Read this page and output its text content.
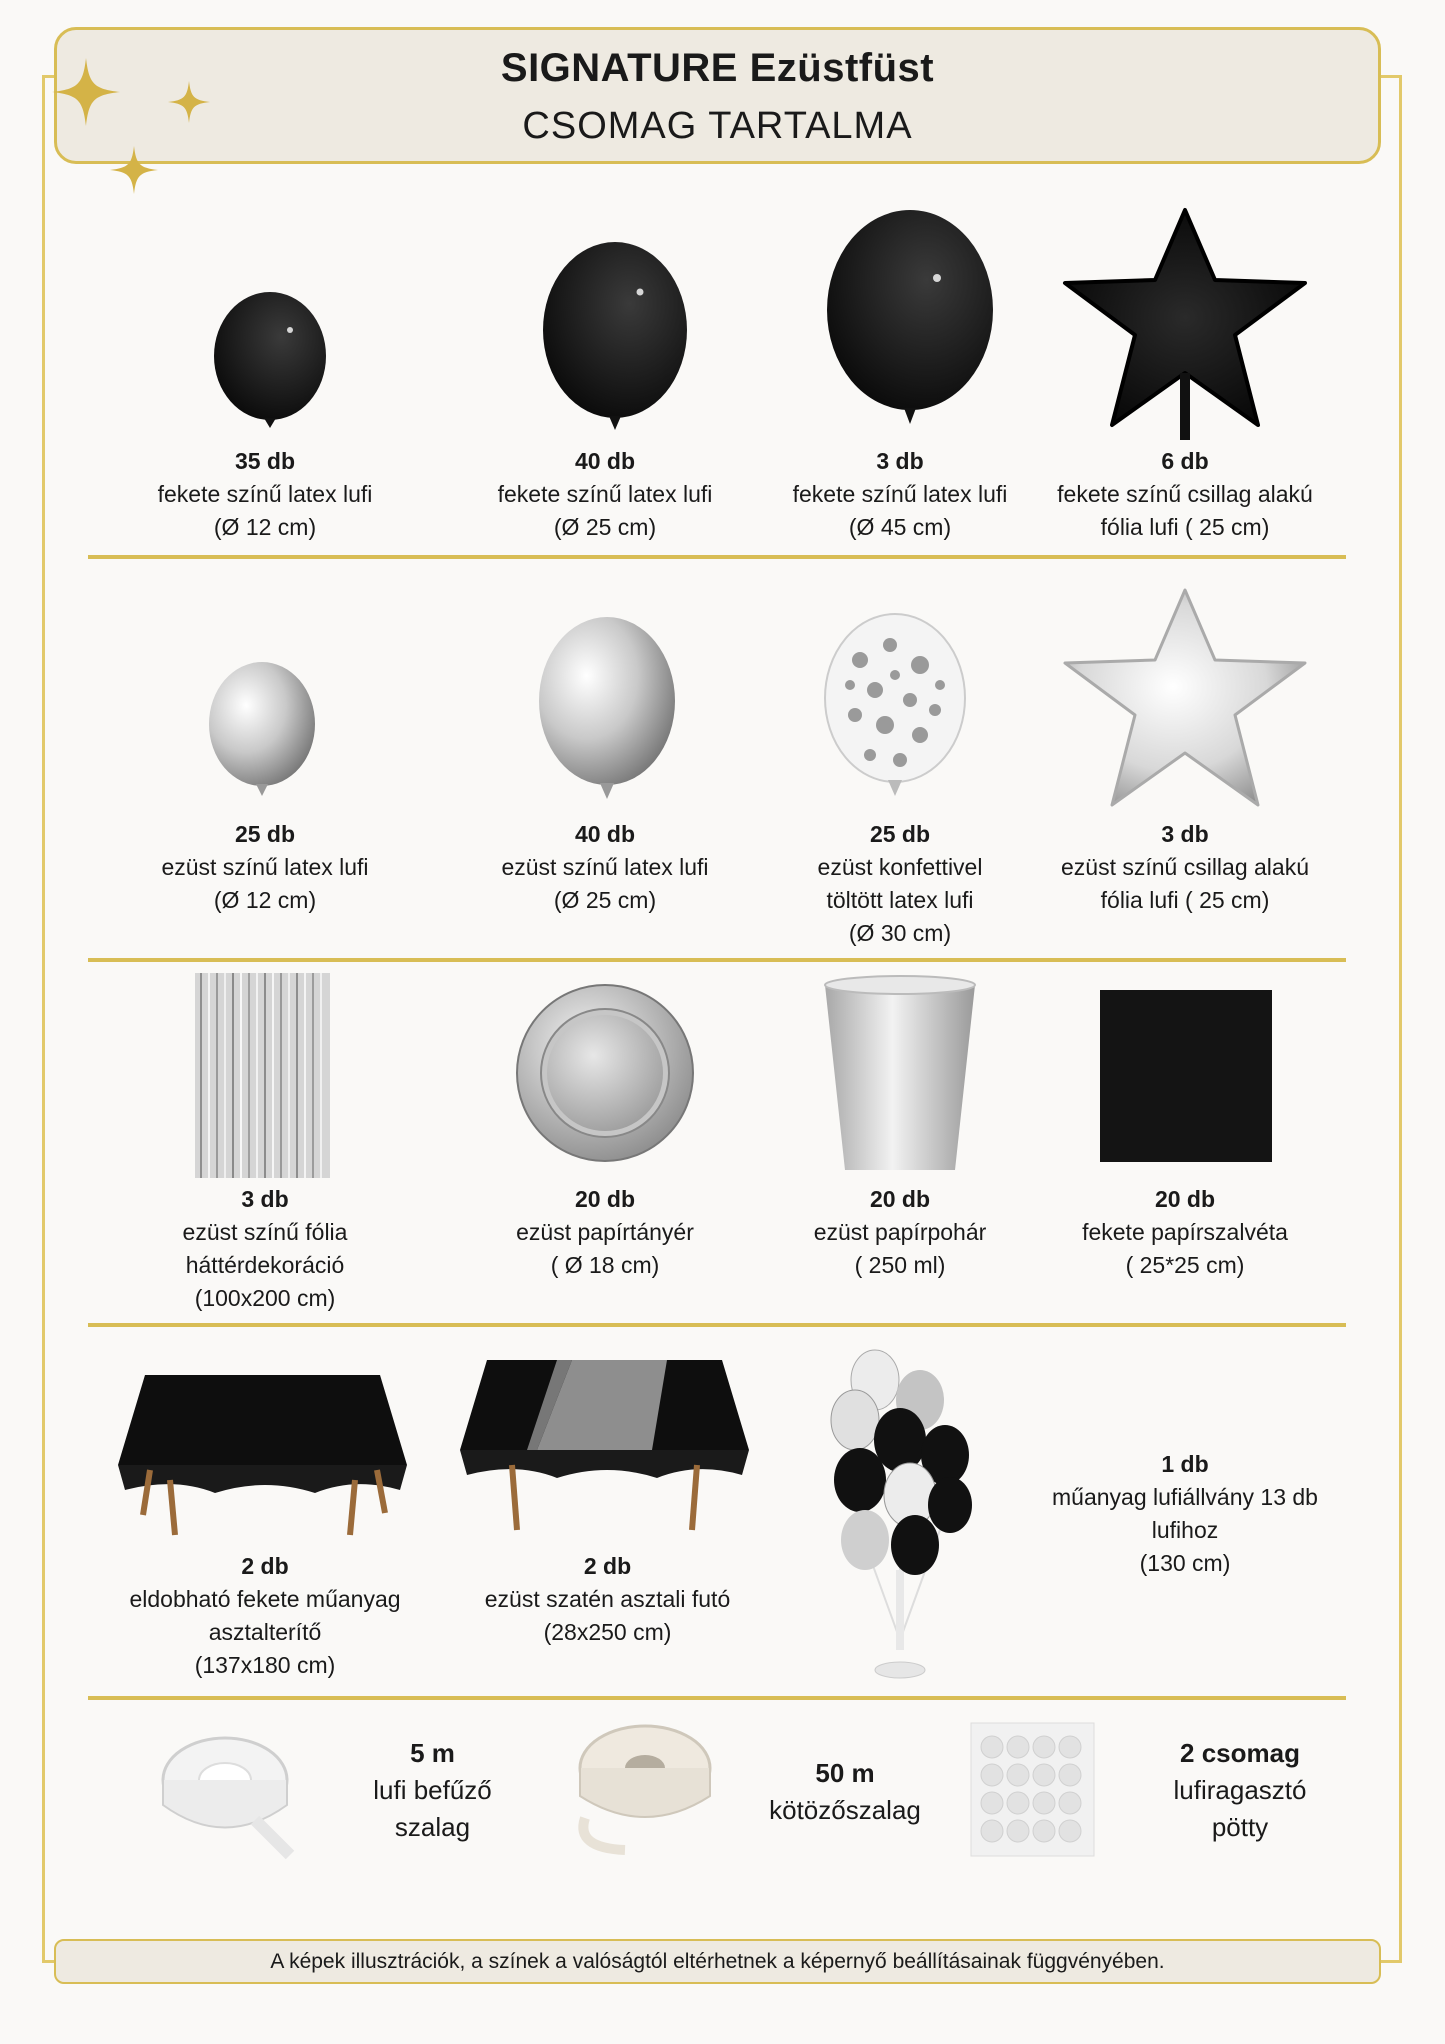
SIGNATURE Ezüstfüst
CSOMAG TARTALMA
35 db
fekete színű latex lufi
(Ø 12 cm)
40 db
fekete színű latex lufi
(Ø 25 cm)
3 db
fekete színű latex lufi
(Ø 45 cm)
6 db
fekete színű csillag alakú
fólia lufi ( 25 cm)
25 db
ezüst színű latex lufi
(Ø 12 cm)
40 db
ezüst színű latex lufi
(Ø 25 cm)
25 db
ezüst konfettivel
töltött latex lufi
(Ø 30 cm)
3 db
ezüst színű csillag alakú
fólia lufi ( 25 cm)
3 db
ezüst színű fólia
háttérdekoráció
(100x200 cm)
20 db
ezüst papírtányér
( Ø 18 cm)
20 db
ezüst papírpohár
( 250 ml)
20 db
fekete papírszalvéta
( 25*25 cm)
2 db
eldobható fekete műanyag
asztalterítő
(137x180 cm)
2 db
ezüst szatén asztali futó
(28x250 cm)
1 db
műanyag lufiállvány 13 db
lufihoz
(130 cm)
5 m
lufi befűző
szalag
50 m
kötözőszalag
2 csomag
lufiragasztó
pötty
A képek illusztrációk, a színek a valóságtól eltérhetnek a képernyő beállításainak függvényében.
